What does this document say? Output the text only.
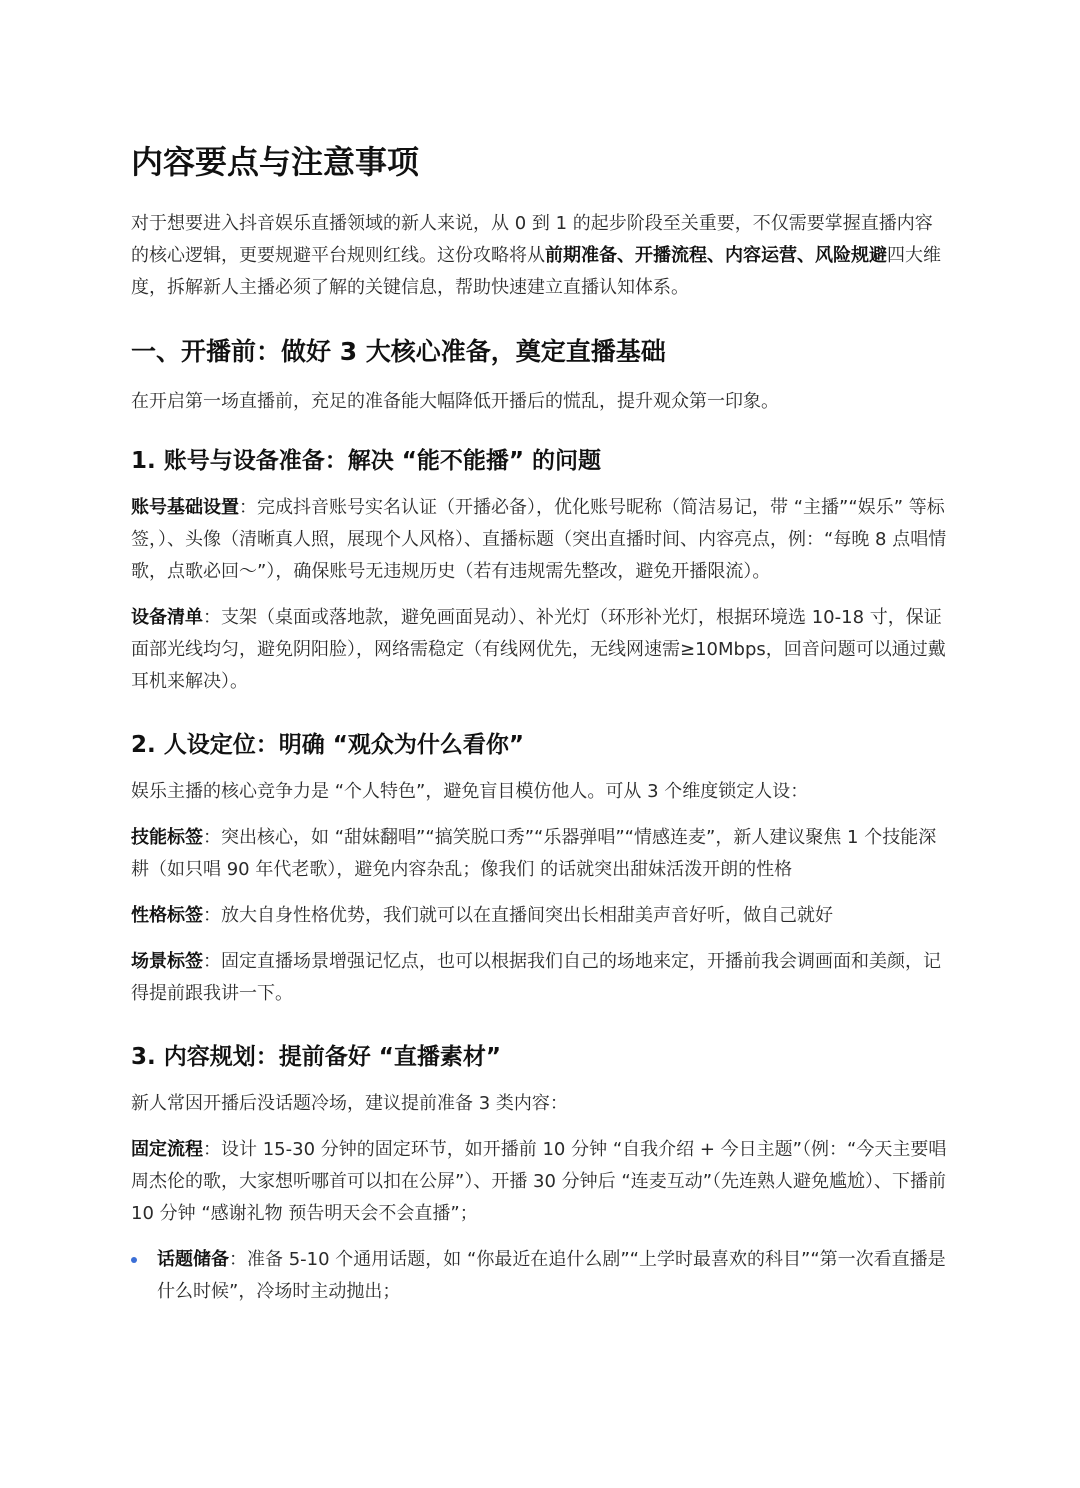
内容要点与注意事项

对于想要进入抖音娱乐直播领域的新人来说，从 0 到 1 的起步阶段至关重要，不仅需要掌握直播内容的核心逻辑，更要规避平台规则红线。这份攻略将从前期准备、开播流程、内容运营、风险规避四大维度，拆解新人主播必须了解的关键信息，帮助快速建立直播认知体系。

一、开播前：做好 3 大核心准备，奠定直播基础

在开启第一场直播前，充足的准备能大幅降低开播后的慌乱，提升观众第一印象。

1. 账号与设备准备：解决 “能不能播” 的问题

账号基础设置：完成抖音账号实名认证（开播必备），优化账号昵称（简洁易记，带 “主播”“娱乐” 等标签，）、头像（清晰真人照，展现个人风格）、直播标题（突出直播时间、内容亮点，例：“每晚 8 点唱情歌，点歌必回～”），确保账号无违规历史（若有违规需先整改，避免开播限流）。

设备清单：支架（桌面或落地款，避免画面晃动）、补光灯（环形补光灯，根据环境选 10-18 寸，保证面部光线均匀，避免阴阳脸），网络需稳定（有线网优先，无线网速需≥10Mbps，回音问题可以通过戴耳机来解决）。

2. 人设定位：明确 “观众为什么看你”

娱乐主播的核心竞争力是 “个人特色”，避免盲目模仿他人。可从 3 个维度锁定人设：

技能标签：突出核心，如 “甜妹翻唱”“搞笑脱口秀”“乐器弹唱”“情感连麦”，新人建议聚焦 1 个技能深耕（如只唱 90 年代老歌），避免内容杂乱；像我们 的话就突出甜妹活泼开朗的性格

性格标签：放大自身性格优势，我们就可以在直播间突出长相甜美声音好听，做自己就好

场景标签：固定直播场景增强记忆点，也可以根据我们自己的场地来定，开播前我会调画面和美颜，记得提前跟我讲一下。

3. 内容规划：提前备好 “直播素材”

新人常因开播后没话题冷场，建议提前准备 3 类内容：

固定流程：设计 15-30 分钟的固定环节，如开播前 10 分钟 “自我介绍 + 今日主题”（例：“今天主要唱周杰伦的歌，大家想听哪首可以扣在公屏”）、开播 30 分钟后 “连麦互动”（先连熟人避免尴尬）、下播前 10 分钟 “感谢礼物 预告明天会不会直播”；

话题储备：准备 5-10 个通用话题，如 “你最近在追什么剧”“上学时最喜欢的科目”“第一次看直播是什么时候”，冷场时主动抛出；
